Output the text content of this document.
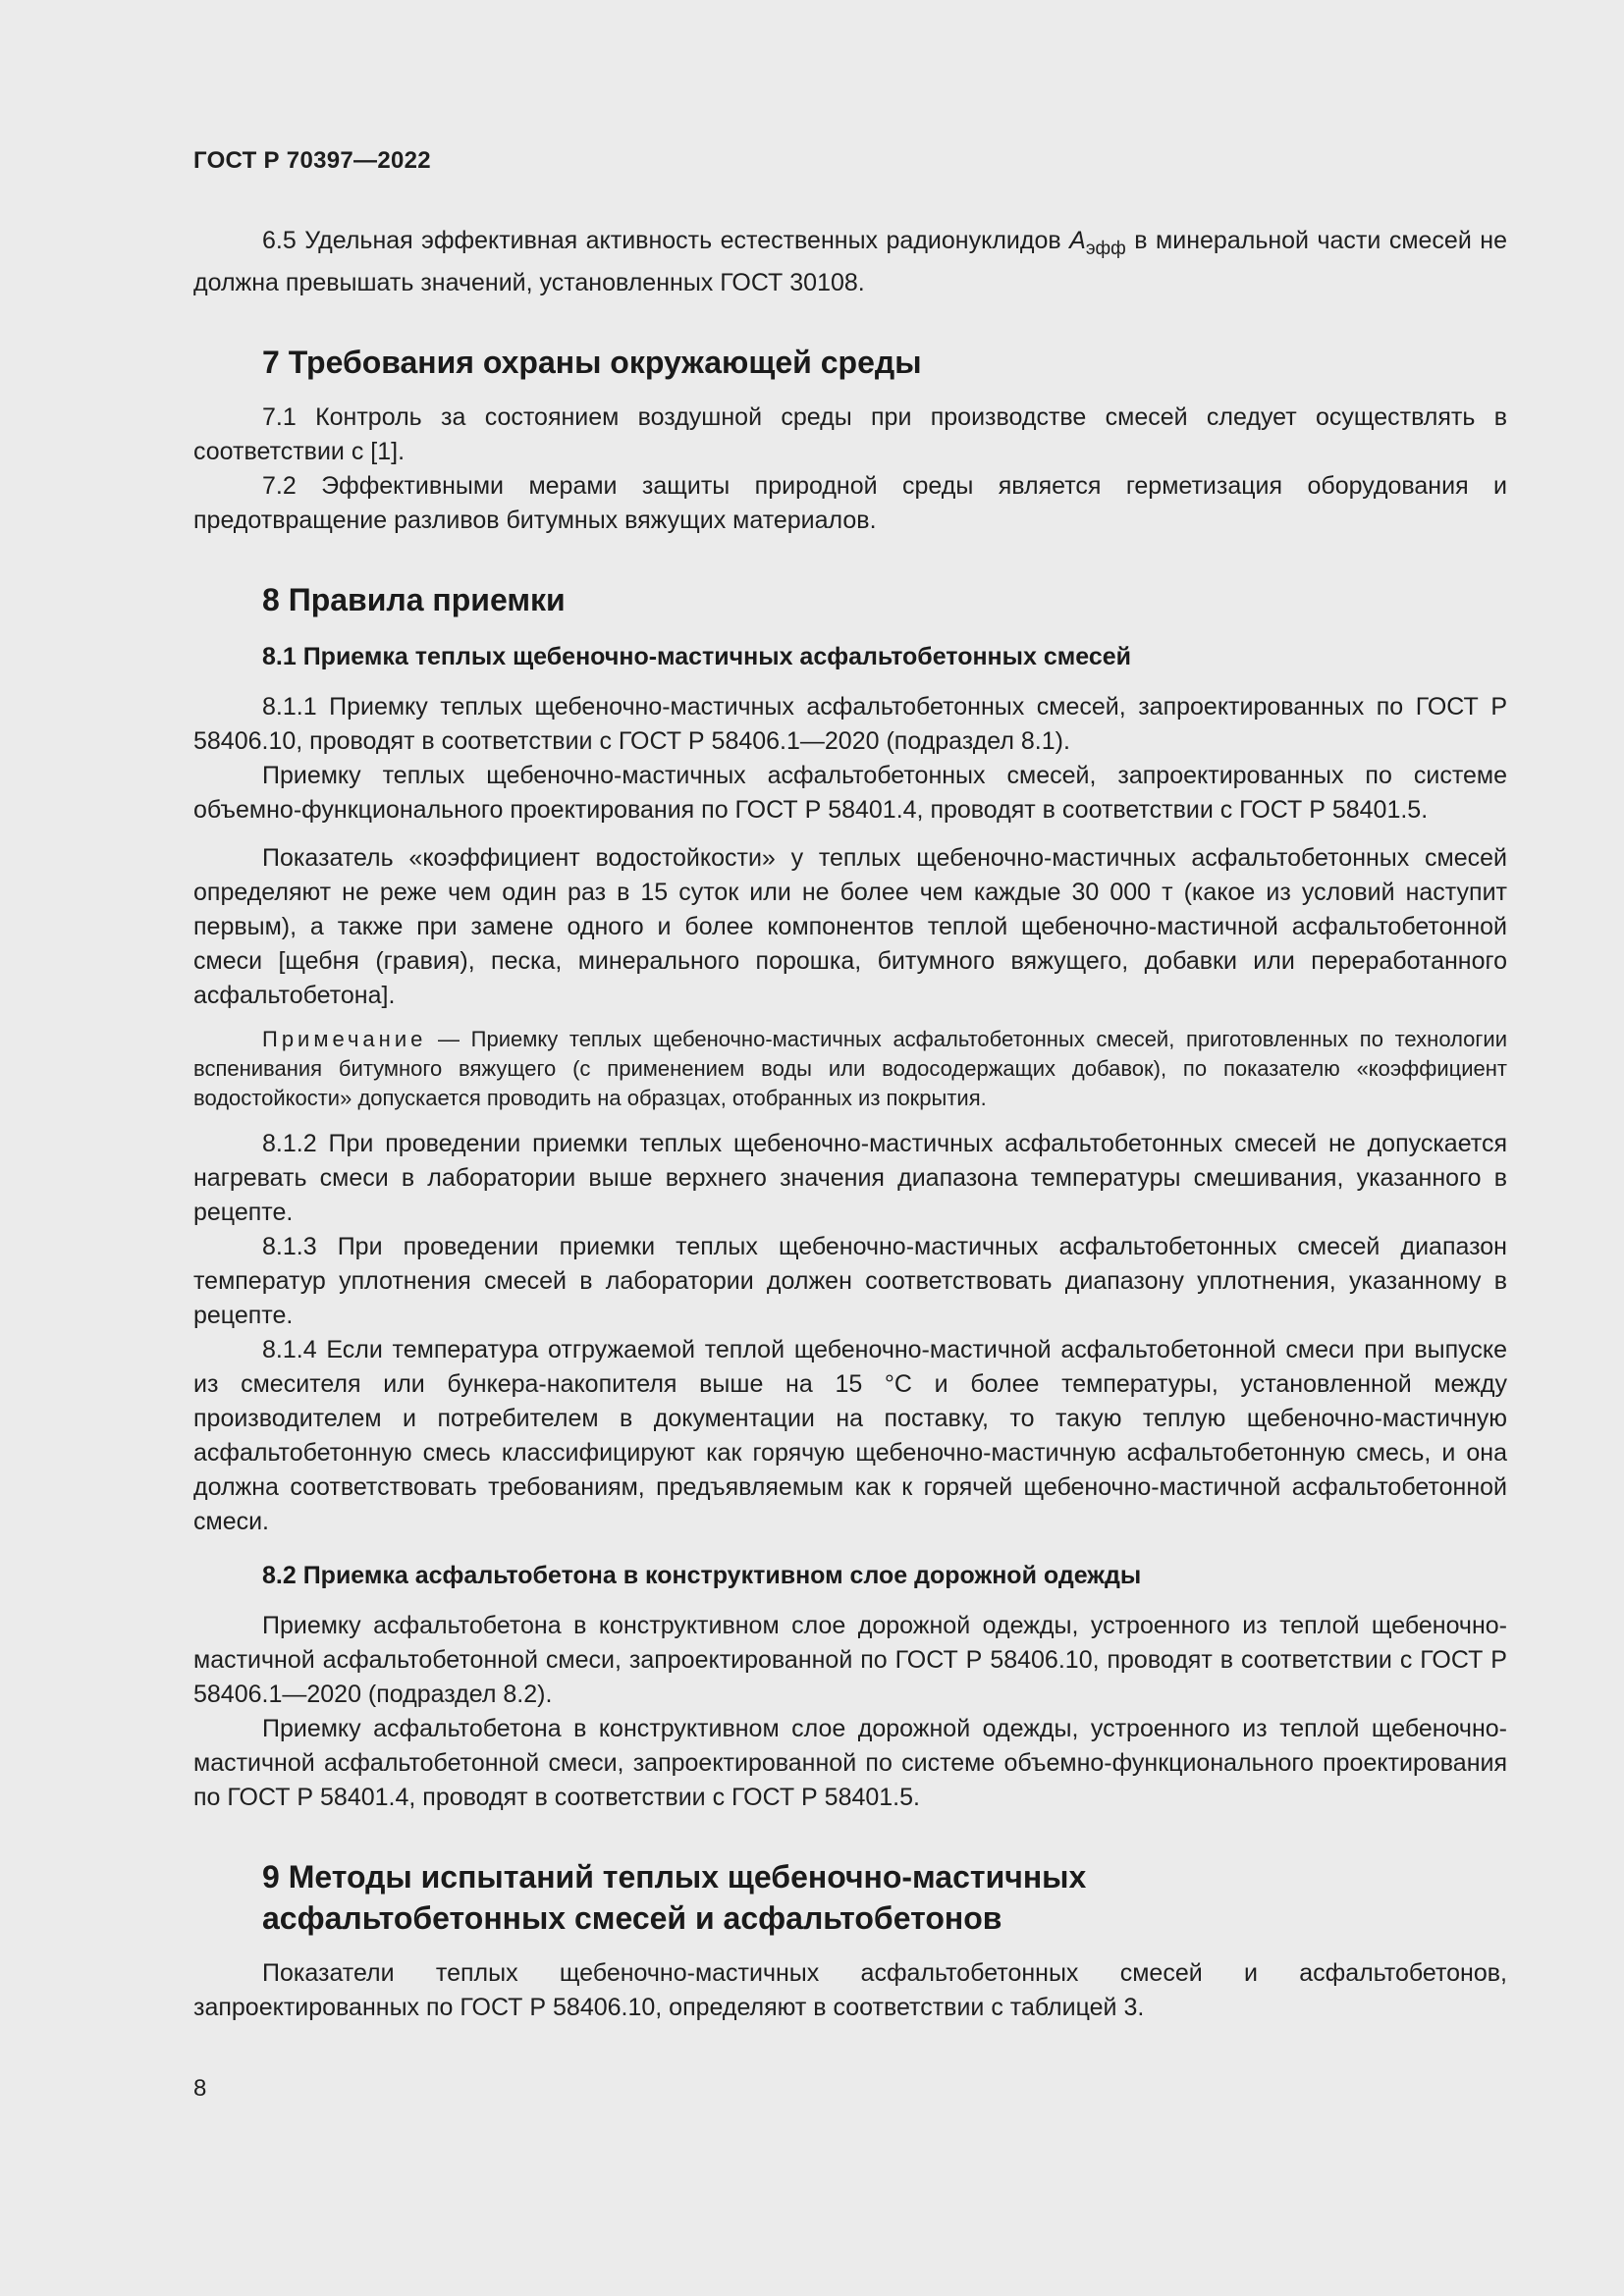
ГОСТ Р 70397—2022

6.5 Удельная эффективная активность естественных радионуклидов $A_{эфф}$ в минеральной части смесей не должна превышать значений, установленных ГОСТ 30108.

7 Требования охраны окружающей среды

7.1 Контроль за состоянием воздушной среды при производстве смесей следует осуществлять в соответствии с [1].

7.2 Эффективными мерами защиты природной среды является герметизация оборудования и предотвращение разливов битумных вяжущих материалов.

8 Правила приемки
8.1 Приемка теплых щебеночно-мастичных асфальтобетонных смесей

8.1.1 Приемку теплых щебеночно-мастичных асфальтобетонных смесей, запроектированных по ГОСТ Р 58406.10, проводят в соответствии с ГОСТ Р 58406.1—2020 (подраздел 8.1).

Приемку теплых щебеночно-мастичных асфальтобетонных смесей, запроектированных по системе объемно-функционального проектирования по ГОСТ Р 58401.4, проводят в соответствии с ГОСТ Р 58401.5.

Показатель «коэффициент водостойкости» у теплых щебеночно-мастичных асфальтобетонных смесей определяют не реже чем один раз в 15 суток или не более чем каждые 30 000 т (какое из условий наступит первым), а также при замене одного и более компонентов теплой щебеночно-мастичной асфальтобетонной смеси [щебня (гравия), песка, минерального порошка, битумного вяжущего, добавки или переработанного асфальтобетона].

Примечание — Приемку теплых щебеночно-мастичных асфальтобетонных смесей, приготовленных по технологии вспенивания битумного вяжущего (с применением воды или водосодержащих добавок), по показателю «коэффициент водостойкости» допускается проводить на образцах, отобранных из покрытия.

8.1.2 При проведении приемки теплых щебеночно-мастичных асфальтобетонных смесей не допускается нагревать смеси в лаборатории выше верхнего значения диапазона температуры смешивания, указанного в рецепте.

8.1.3 При проведении приемки теплых щебеночно-мастичных асфальтобетонных смесей диапазон температур уплотнения смесей в лаборатории должен соответствовать диапазону уплотнения, указанному в рецепте.

8.1.4 Если температура отгружаемой теплой щебеночно-мастичной асфальтобетонной смеси при выпуске из смесителя или бункера-накопителя выше на 15 °С и более температуры, установленной между производителем и потребителем в документации на поставку, то такую теплую щебеночно-мастичную асфальтобетонную смесь классифицируют как горячую щебеночно-мастичную асфальтобетонную смесь, и она должна соответствовать требованиям, предъявляемым как к горячей щебеночно-мастичной асфальтобетонной смеси.

8.2 Приемка асфальтобетона в конструктивном слое дорожной одежды

Приемку асфальтобетона в конструктивном слое дорожной одежды, устроенного из теплой щебеночно-мастичной асфальтобетонной смеси, запроектированной по ГОСТ Р 58406.10, проводят в соответствии с ГОСТ Р 58406.1—2020 (подраздел 8.2).

Приемку асфальтобетона в конструктивном слое дорожной одежды, устроенного из теплой щебеночно-мастичной асфальтобетонной смеси, запроектированной по системе объемно-функционального проектирования по ГОСТ Р 58401.4, проводят в соответствии с ГОСТ Р 58401.5.

9 Методы испытаний теплых щебеночно-мастичных
асфальтобетонных смесей и асфальтобетонов

Показатели теплых щебеночно-мастичных асфальтобетонных смесей и асфальтобетонов, запроектированных по ГОСТ Р 58406.10, определяют в соответствии с таблицей 3.

8
